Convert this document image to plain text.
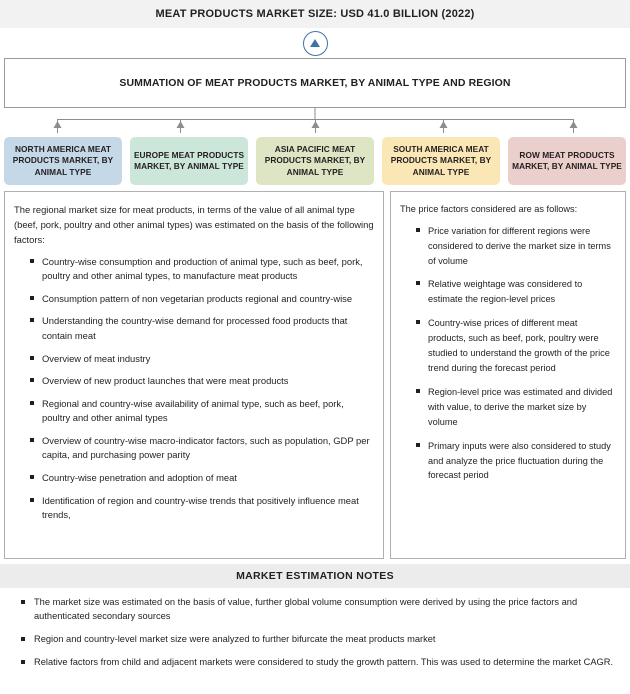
MEAT PRODUCTS MARKET SIZE: USD 41.0 BILLION (2022)
SUMMATION OF MEAT PRODUCTS MARKET, BY ANIMAL TYPE AND REGION
NORTH AMERICA MEAT PRODUCTS MARKET, BY ANIMAL TYPE
EUROPE MEAT PRODUCTS MARKET, BY ANIMAL TYPE
ASIA PACIFIC MEAT PRODUCTS MARKET, BY ANIMAL TYPE
SOUTH AMERICA MEAT PRODUCTS MARKET, BY ANIMAL TYPE
ROW MEAT PRODUCTS MARKET, BY ANIMAL TYPE

The regional market size for meat products, in terms of the value of all animal type (beef, pork, poultry and other animal types) was estimated on the basis of the following factors:

Country-wise consumption and production of animal type, such as beef, pork, poultry and other animal types, to manufacture meat products
Consumption pattern of non vegetarian products regional and country-wise
Understanding the country-wise demand for processed food products that contain meat
Overview of meat industry
Overview of new product launches that were meat products
Regional and country-wise availability of animal type, such as beef, pork, poultry and other animal types
Overview of country-wise macro-indicator factors, such as population, GDP per capita, and purchasing power parity
Country-wise penetration and adoption of meat
Identification of region and country-wise trends that positively influence meat trends,

The price factors considered are as follows:

Price variation for different regions were considered to derive the market size in terms of volume
Relative weightage was considered to estimate the region-level prices
Country-wise prices of different meat products, such as beef, pork, poultry were studied to understand the growth of the price trend during the forecast period
Region-level price was estimated and divided with value, to derive the market size by volume
Primary inputs were also considered to study and analyze the price fluctuation during the forecast period
MARKET ESTIMATION NOTES
The market size was estimated on the basis of value, further global volume consumption were derived by using the price factors and authenticated secondary sources
Region and country-level market size were analyzed to further bifurcate the meat products market
Relative factors from child and adjacent markets were considered to study the growth pattern. This was used to determine the market CAGR.
